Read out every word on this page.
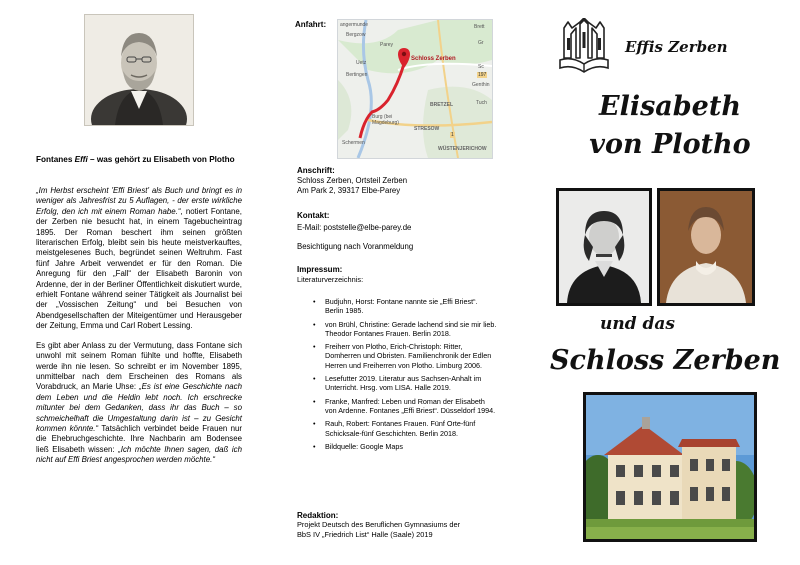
Fontanes Effi – was gehört zu Elisabeth von Plotho

„Im Herbst erscheint 'Effi Briest' als Buch und bringt es in weniger als Jahresfrist zu 5 Auflagen, - der erste wirkliche Erfolg, den ich mit einem Roman habe.“, notiert Fontane, der Zerben nie besucht hat, in einem Tagebucheintrag 1895. Der Roman beschert ihm seinen größten literarischen Erfolg, bleibt sein bis heute meistverkauftes, meistgelesenes Buch, begründet seinen Weltruhm. Fast fünf Jahre Arbeit verwendet er für den Roman. Die Anregung für den „Fall“ der Elisabeth Baronin von Ardenne, der in der Berliner Öffentlichkeit diskutiert wurde, erhielt Fontane während seiner Tätigkeit als Journalist bei der „Vossischen Zeitung“ und bei Besuchen von Abendgesellschaften der Miteigentümer und Herausgeber der Zeitung, Emma und Carl Robert Lessing.

Es gibt aber Anlass zu der Vermutung, dass Fontane sich unwohl mit seinem Roman fühlte und hoffte, Elisabeth werde ihn nie lesen. So schreibt er im November 1895, unmittelbar nach dem Erscheinen des Romans als Vorabdruck, an Marie Uhse: „Es ist eine Geschichte nach dem Leben und die Heldin lebt noch. Ich erschrecke mitunter bei dem Gedanken, dass ihr das Buch – so schmeichelhaft die Umgestaltung darin ist – zu Gesicht kommen könnte.“ Tatsächlich verbindet beide Frauen nur die Ehebruchgeschichte. Ihre Nachbarin am Bodensee ließ Elisabeth wissen: „Ich möchte Ihnen sagen, daß ich nicht auf Effi Briest angesprochen werden möchte.“

Anfahrt:	angermunde
Uetz
Bertingen
Burg (bei
Magdeburg)
Schermen
Brett
Genthin
Tuch
Parey
Bergzow
Gr
Sc
STRESOW
BRETZEL
WÜSTENJERICHOW
Schloss Zerben
197
1
Anschrift:
Schloss Zerben, Ortsteil Zerben
Am Park 2, 39317 Elbe-Parey
Kontakt:
E-Mail: poststelle@elbe-parey.de
Besichtigung nach Voranmeldung
Impressum:
Literaturverzeichnis:
• Budjuhn, Horst: Fontane nannte sie „Effi Briest“. Berlin 1985.
• von Brühl, Christine: Gerade lachend sind sie mir lieb. Theodor Fontanes Frauen. Berlin 2018.
• Freiherr von Plotho, Erich-Christoph: Ritter, Domherren und Obristen. Familienchronik der Edlen Herren und Freiherren von Plotho. Limburg 2006.
• Lesefutter 2019. Literatur aus Sachsen-Anhalt im Unterricht. Hrsg. vom LISA. Halle 2019.
• Franke, Manfred: Leben und Roman der Elisabeth von Ardenne. Fontanes „Effi Briest“. Düsseldorf 1994.
• Rauh, Robert: Fontanes Frauen. Fünf Orte-fünf Schicksale-fünf Geschichten. Berlin 2018.
• Bildquelle: Google Maps
Redaktion:
Projekt Deutsch des Beruflichen Gymnasiums der
BbS IV „Friedrich List“ Halle (Saale) 2019
Effis Zerben
Elisabeth
von Plotho
und das
Schloss Zerben
